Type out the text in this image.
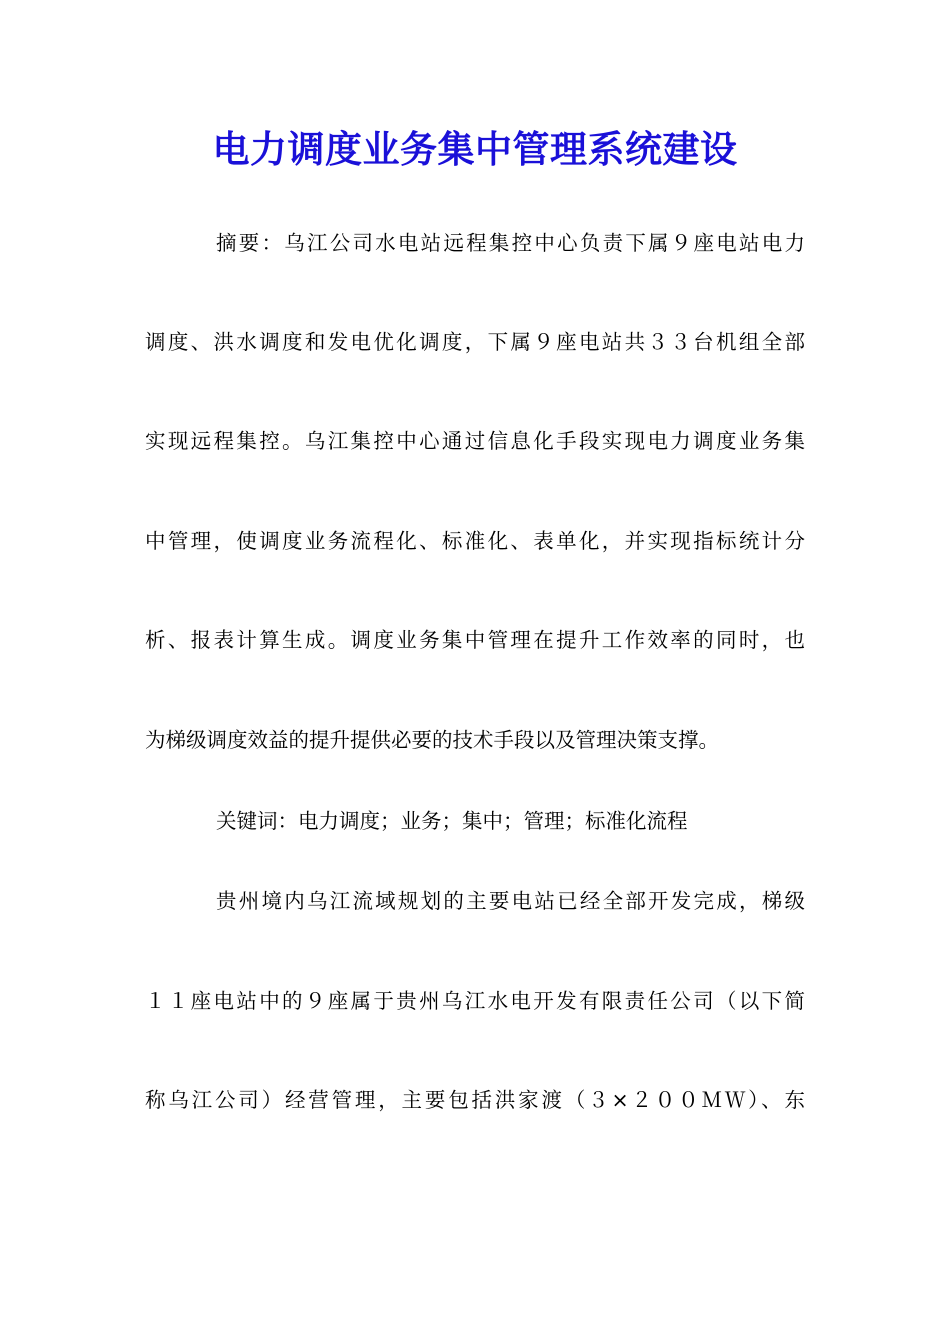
电力调度业务集中管理系统建设
摘要：乌江公司水电站远程集控中心负责下属９座电站电力
调度、洪水调度和发电优化调度，下属９座电站共３３台机组全部
实现远程集控。乌江集控中心通过信息化手段实现电力调度业务集
中管理，使调度业务流程化、标准化、表单化，并实现指标统计分
析、报表计算生成。调度业务集中管理在提升工作效率的同时，也
为梯级调度效益的提升提供必要的技术手段以及管理决策支撑。
关键词：电力调度；业务；集中；管理；标准化流程
贵州境内乌江流域规划的主要电站已经全部开发完成，梯级
１１座电站中的９座属于贵州乌江水电开发有限责任公司（以下简
称乌江公司）经营管理，主要包括洪家渡（３×２００ＭＷ）、东
